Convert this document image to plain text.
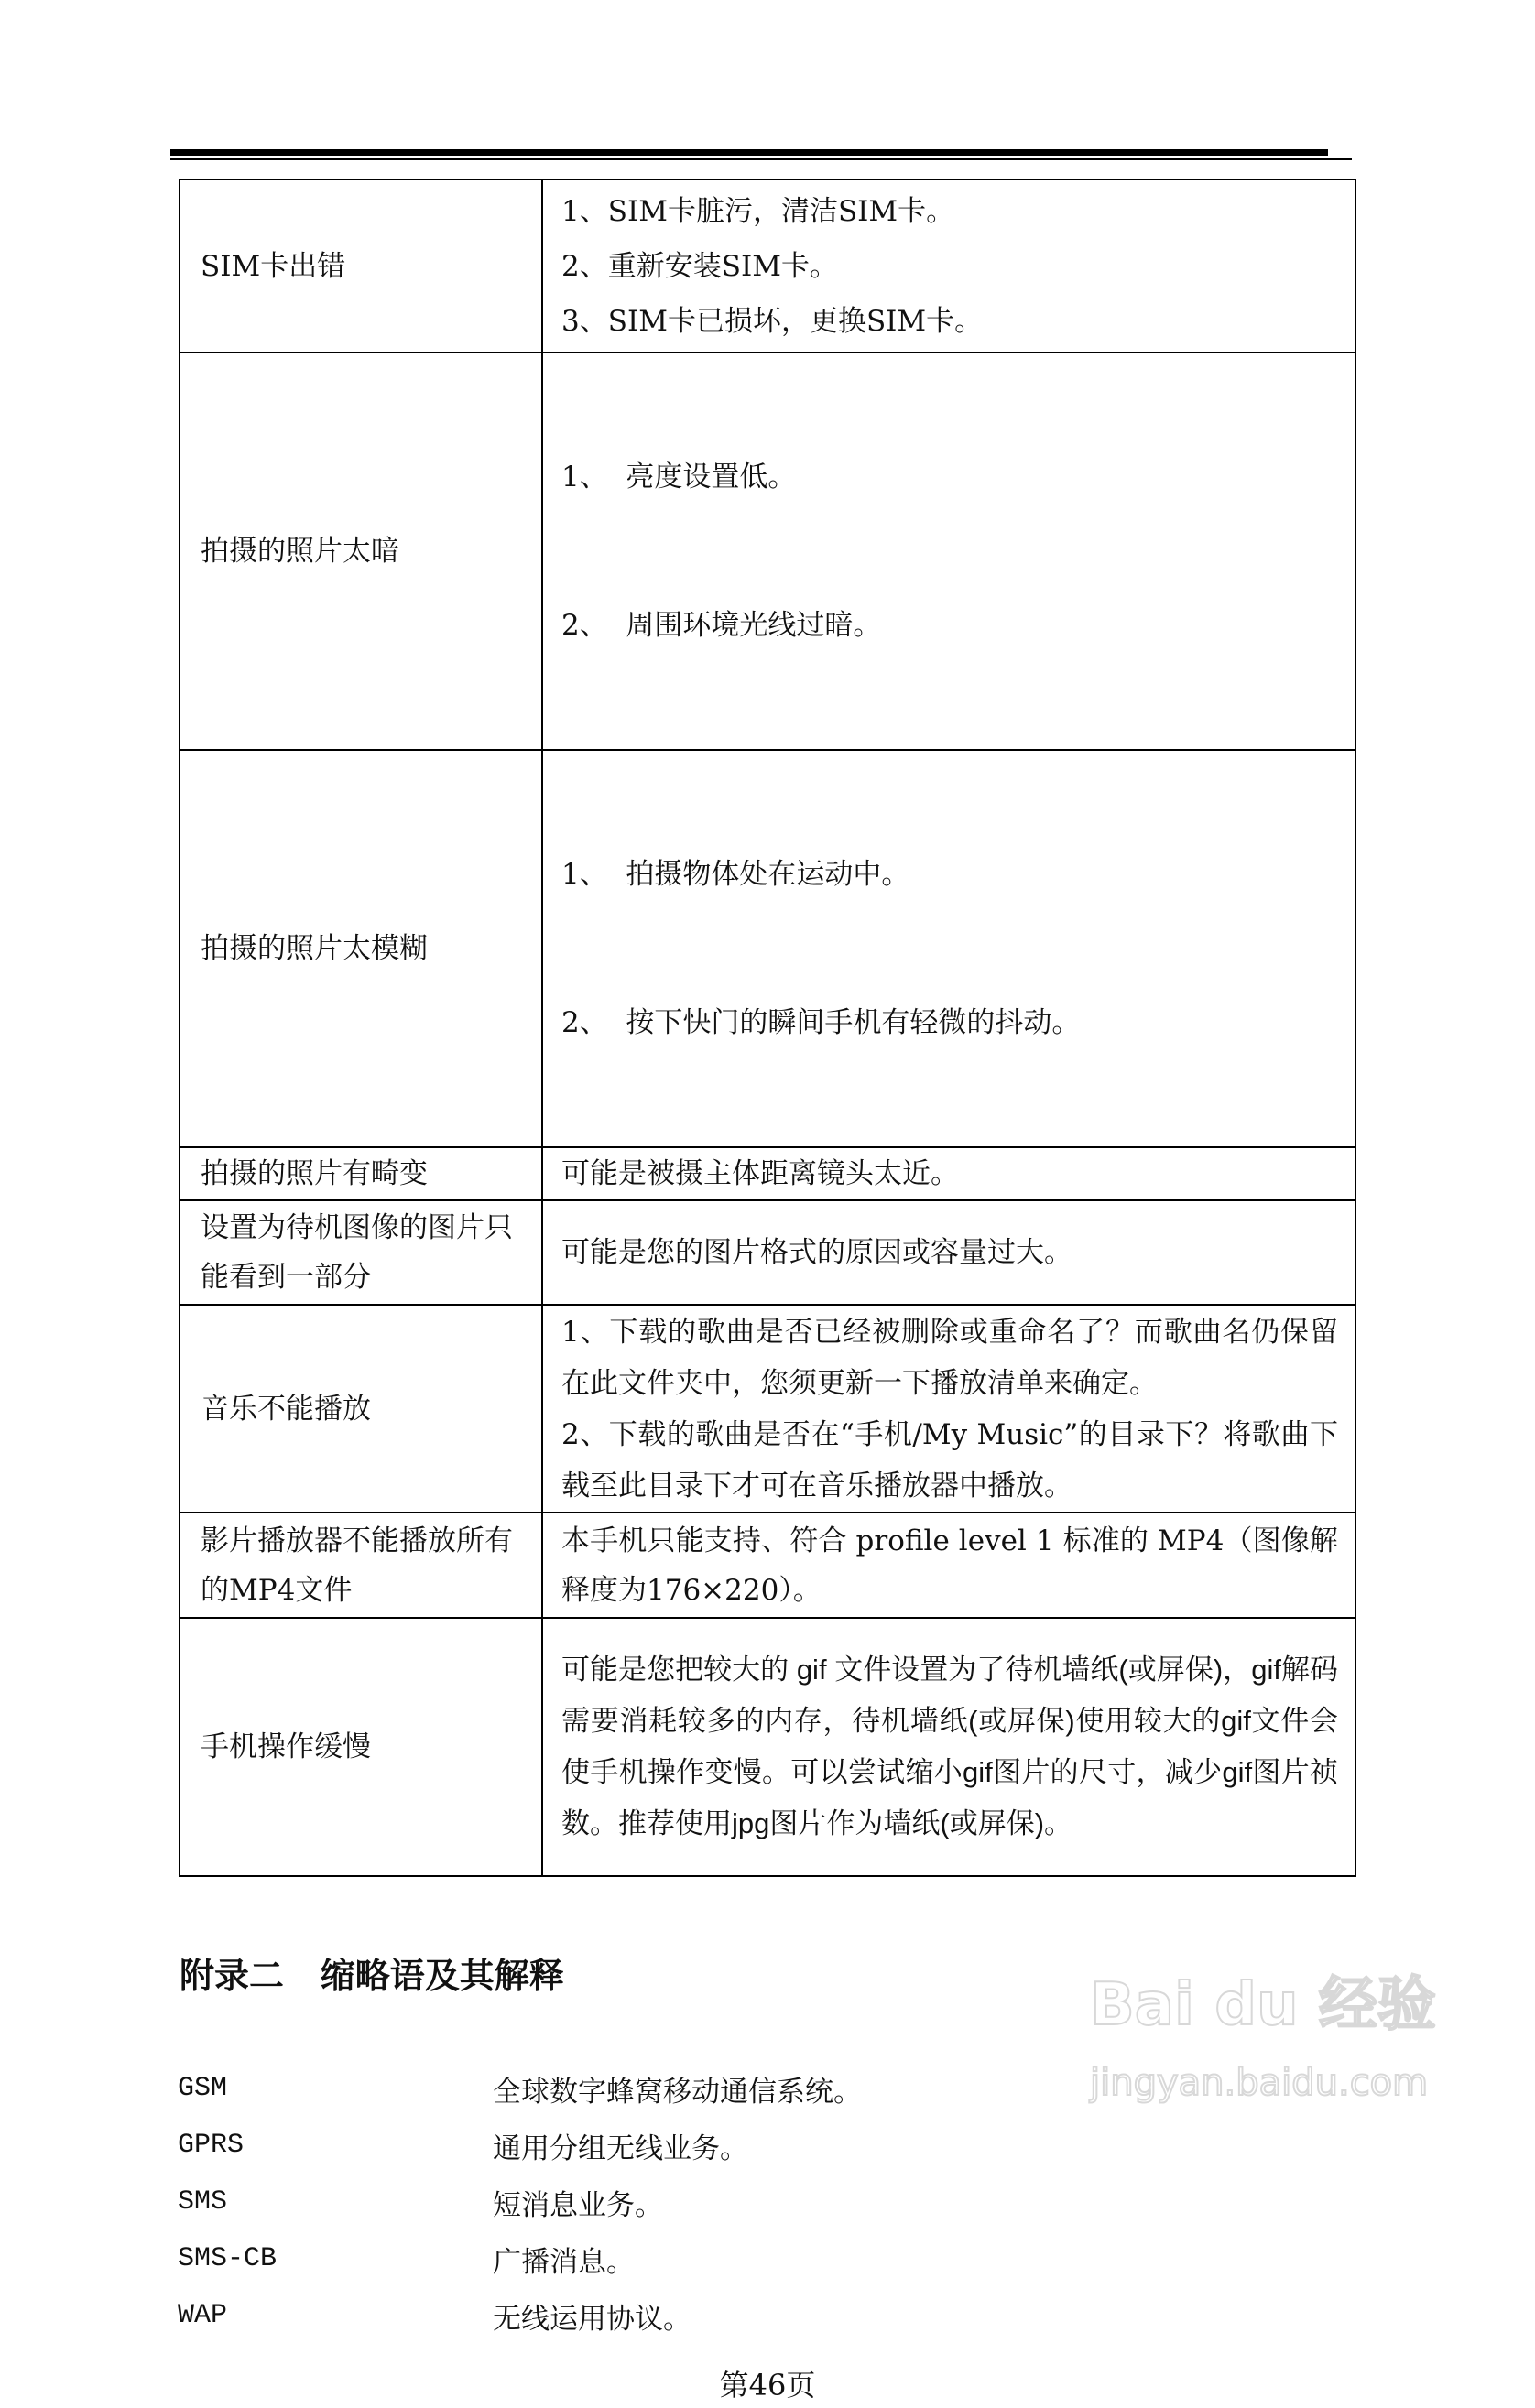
SIM卡出错	1、SIM卡脏污，清洁SIM卡。
2、重新安装SIM卡。
3、SIM卡已损坏，更换SIM卡。

拍摄的照片太暗	1、  亮度设置低。

2、  周围环境光线过暗。

拍摄的照片太模糊	1、  拍摄物体处在运动中。

2、  按下快门的瞬间手机有轻微的抖动。

拍摄的照片有畸变	可能是被摄主体距离镜头太近。
设置为待机图像的图片只能看到一部分	可能是您的图片格式的原因或容量过大。
音乐不能播放	1、下载的歌曲是否已经被删除或重命名了？而歌曲名仍保留在此文件夹中，您须更新一下播放清单来确定。
2、下载的歌曲是否在“手机/My Music”的目录下？将歌曲下载至此目录下才可在音乐播放器中播放。

影片播放器不能播放所有的MP4文件	本手机只能支持、符合 profile level 1 标准的 MP4（图像解释度为176×220）。
手机操作缓慢	可能是您把较大的 gif 文件设置为了待机墙纸(或屏保)，gif解码需要消耗较多的内存，待机墙纸(或屏保)使用较大的gif文件会使手机操作变慢。可以尝试缩小gif图片的尺寸，减少gif图片祯数。推荐使用jpg图片作为墙纸(或屏保)。
附录二   缩略语及其解释
GSM	全球数字蜂窝移动通信系统。
GPRS	通用分组无线业务。
SMS	短消息业务。
SMS-CB	广播消息。
WAP	无线运用协议。
第46页
Bai du 经验
jingyan.baidu.com
